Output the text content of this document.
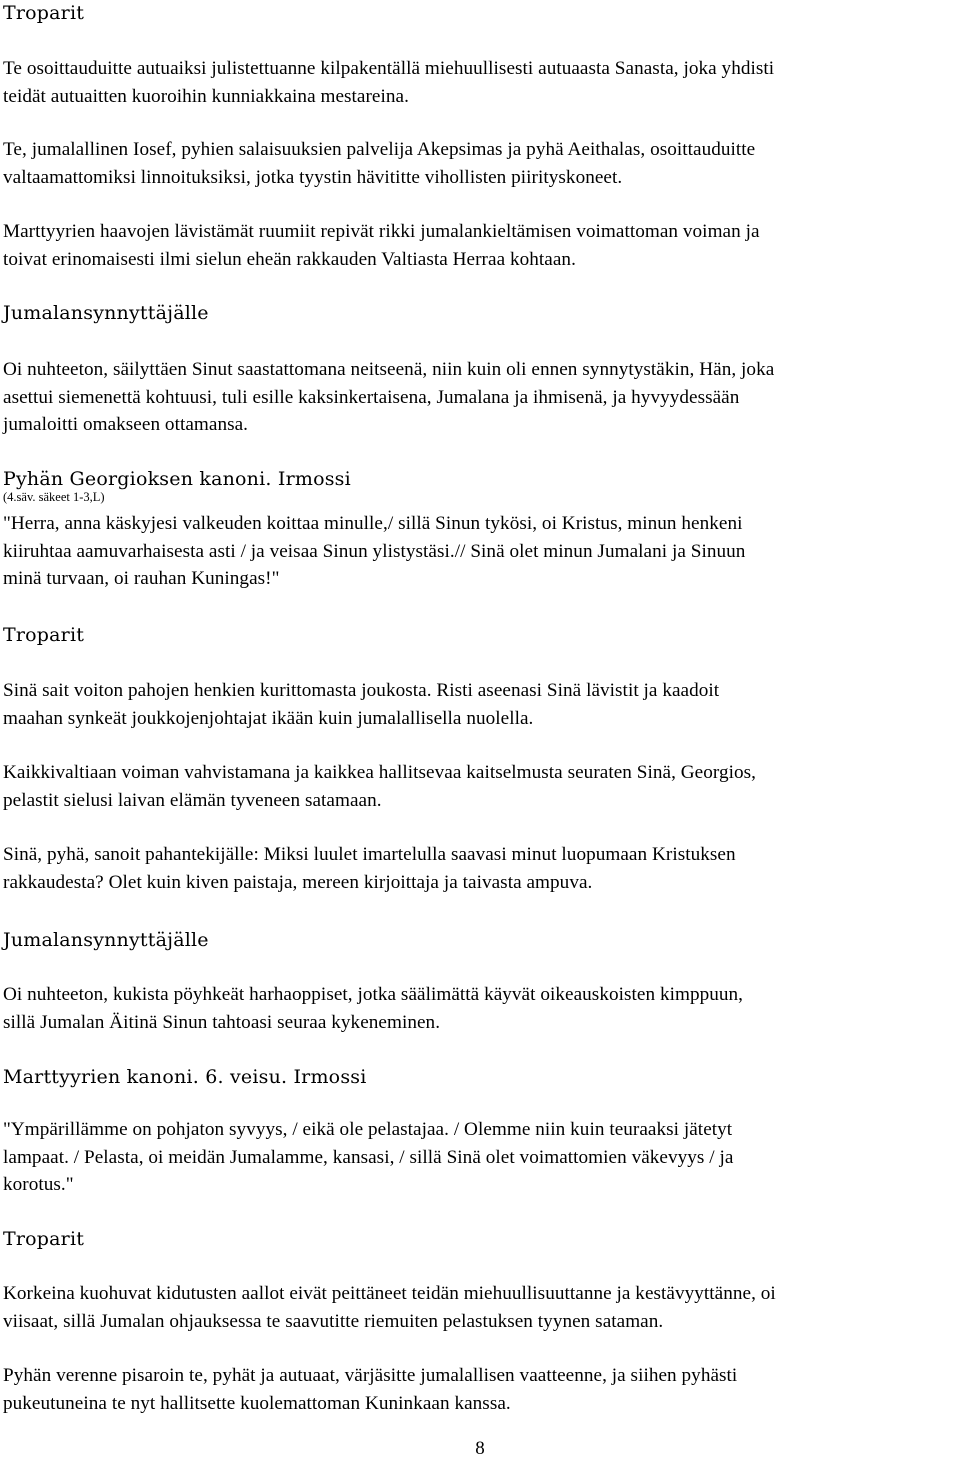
Troparit
Te osoittauduitte autuaiksi julistettuanne kilpakentällä miehuullisesti autuaasta Sanasta, joka yhdisti
teidät autuaitten kuoroihin kunniakkaina mestareina.
Te, jumalallinen Iosef, pyhien salaisuuksien palvelija Akepsimas ja pyhä Aeithalas, osoittauduitte
valtaamattomiksi linnoituksiksi, jotka tyystin hävititte vihollisten piirityskoneet.
Marttyyrien haavojen lävistämät ruumiit repivät rikki jumalankieltämisen voimattoman voiman ja
toivat erinomaisesti ilmi sielun eheän rakkauden Valtiasta Herraa kohtaan.
Jumalansynnyttäjälle
Oi nuhteeton, säilyttäen Sinut saastattomana neitseenä, niin kuin oli ennen synnytystäkin, Hän, joka
asettui siemenettä kohtuusi, tuli esille kaksinkertaisena, Jumalana ja ihmisenä, ja hyvyydessään
jumaloitti omakseen ottamansa.
Pyhän Georgioksen kanoni. Irmossi
(4.säv. säkeet 1-3,L)
"Herra, anna käskyjesi valkeuden koittaa minulle,/ sillä Sinun tykösi, oi Kristus, minun henkeni
kiiruhtaa aamuvarhaisesta asti / ja veisaa Sinun ylistystäsi.// Sinä olet minun Jumalani ja Sinuun
minä turvaan, oi rauhan Kuningas!"
Troparit
Sinä sait voiton pahojen henkien kurittomasta joukosta. Risti aseenasi Sinä lävistit ja kaadoit
maahan synkeät joukkojenjohtajat ikään kuin jumalallisella nuolella.
Kaikkivaltiaan voiman vahvistamana ja kaikkea hallitsevaa kaitselmusta seuraten Sinä, Georgios,
pelastit sielusi laivan elämän tyveneen satamaan.
Sinä, pyhä, sanoit pahantekijälle: Miksi luulet imartelulla saavasi minut luopumaan Kristuksen
rakkaudesta? Olet kuin kiven paistaja, mereen kirjoittaja ja taivasta ampuva.
Jumalansynnyttäjälle
Oi nuhteeton, kukista pöyhkeät harhaoppiset, jotka säälimättä käyvät oikeauskoisten kimppuun,
sillä Jumalan Äitinä Sinun tahtoasi seuraa kykeneminen.
Marttyyrien kanoni. 6. veisu. Irmossi
"Ympärillämme on pohjaton syvyys, / eikä ole pelastajaa. / Olemme niin kuin teuraaksi jätetyt
lampaat. / Pelasta, oi meidän Jumalamme, kansasi, / sillä Sinä olet voimattomien väkevyys / ja
korotus."
Troparit
Korkeina kuohuvat kidutusten aallot eivät peittäneet teidän miehuullisuuttanne ja kestävyyttänne, oi
viisaat, sillä Jumalan ohjauksessa te saavutitte riemuiten pelastuksen tyynen sataman.
Pyhän verenne pisaroin te, pyhät ja autuaat, värjäsitte jumalallisen vaatteenne, ja siihen pyhästi
pukeutuneina te nyt hallitsette kuolemattoman Kuninkaan kanssa.
8
